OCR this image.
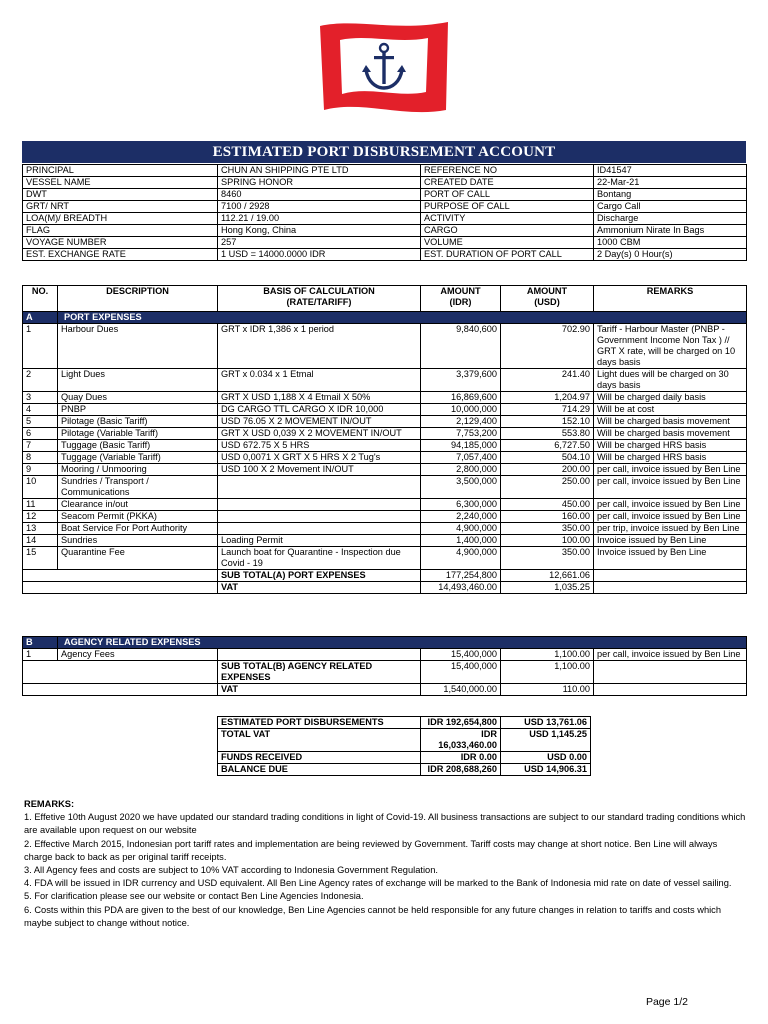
ESTIMATED PORT DISBURSEMENT ACCOUNT
PRINCIPAL	CHUN AN SHIPPING PTE LTD	REFERENCE NO	ID41547
VESSEL NAME	SPRING HONOR	CREATED DATE	22-Mar-21
DWT	8460	PORT OF CALL	Bontang
GRT/ NRT	7100 / 2928	PURPOSE OF CALL	Cargo Call
LOA(M)/ BREADTH	112.21 / 19.00	ACTIVITY	Discharge
FLAG	Hong Kong, China	CARGO	Ammonium Nirate In Bags
VOYAGE NUMBER	257	VOLUME	1000 CBM
EST. EXCHANGE RATE	1 USD = 14000.0000 IDR	EST. DURATION OF PORT CALL	2 Day(s) 0 Hour(s)
NO.	DESCRIPTION	BASIS OF CALCULATION (RATE/TARIFF)	AMOUNT (IDR)	AMOUNT (USD)	REMARKS
A	PORT EXPENSES				
1	Harbour Dues	GRT x IDR 1,386 x 1 period	9,840,600	702.90	Tariff - Harbour Master (PNBP - Government Income Non Tax ) // GRT X rate, will be charged on 10 days basis
2	Light Dues	GRT x 0.034 x 1 Etmal	3,379,600	241.40	Light dues will be charged on 30 days basis
3	Quay Dues	GRT X USD 1,188 X 4 Etmail X 50%	16,869,600	1,204.97	Will be charged daily basis
4	PNBP	DG CARGO TTL CARGO X IDR 10,000	10,000,000	714.29	Will be at cost
5	Pilotage (Basic Tariff)	USD 76.05 X 2 MOVEMENT IN/OUT	2,129,400	152.10	Will be charged basis movement
6	Pilotage (Variable Tariff)	GRT X USD 0,039 X 2 MOVEMENT IN/OUT	7,753,200	553.80	Will be charged basis movement
7	Tuggage (Basic Tariff)	USD 672.75 X 5 HRS	94,185,000	6,727.50	Will be charged HRS basis
8	Tuggage (Variable Tariff)	USD 0,0071 X GRT X 5 HRS X 2 Tug's	7,057,400	504.10	Will be charged HRS basis
9	Mooring / Unmooring	USD 100 X 2 Movement IN/OUT	2,800,000	200.00	per call, invoice issued by Ben Line
10	Sundries / Transport / Communications		3,500,000	250.00	per call, invoice issued by Ben Line
11	Clearance in/out		6,300,000	450.00	per call, invoice issued by Ben Line
12	Seacom Permit (PKKA)		2,240,000	160.00	per call, invoice issued by Ben Line
13	Boat Service For Port Authority		4,900,000	350.00	per trip, invoice issued by Ben Line
14	Sundries	Loading Permit	1,400,000	100.00	Invoice issued by Ben Line
15	Quarantine Fee	Launch boat for Quarantine - Inspection due Covid - 19	4,900,000	350.00	Invoice issued by Ben Line
		SUB TOTAL(A) PORT EXPENSES	177,254,800	12,661.06	
		VAT	14,493,460.00	1,035.25	
B	AGENCY RELATED EXPENSES				
1	Agency Fees		15,400,000	1,100.00	per call, invoice issued by Ben Line
		SUB TOTAL(B) AGENCY RELATED EXPENSES	15,400,000	1,100.00	
		VAT	1,540,000.00	110.00	
ESTIMATED PORT DISBURSEMENTS	IDR 192,654,800	USD 13,761.06
TOTAL VAT	IDR 16,033,460.00	USD 1,145.25
FUNDS RECEIVED	IDR 0.00	USD 0.00
BALANCE DUE	IDR 208,688,260	USD 14,906.31
REMARKS:
1. Effetive 10th August 2020 we have updated our standard trading conditions in light of Covid-19. All business transactions are subject to our standard trading conditions which are available upon request on our website
2. Effective March 2015, Indonesian port tariff rates and implementation are being reviewed by Government. Tariff costs may change at short notice. Ben Line will always charge back to back as per original tariff receipts.
3. All Agency fees and costs are subject to 10% VAT according to Indonesia Government Regulation.
4. FDA will be issued in IDR currency and USD equivalent. All Ben Line Agency rates of exchange will be marked to the Bank of Indonesia mid rate on date of vessel sailing.
5. For clarification please see our website or contact Ben Line Agencies Indonesia.
6. Costs within this PDA are given to the best of our knowledge, Ben Line Agencies cannot be held responsible for any future changes in relation to tariffs and costs which maybe subject to change without notice.
Page 1/2
